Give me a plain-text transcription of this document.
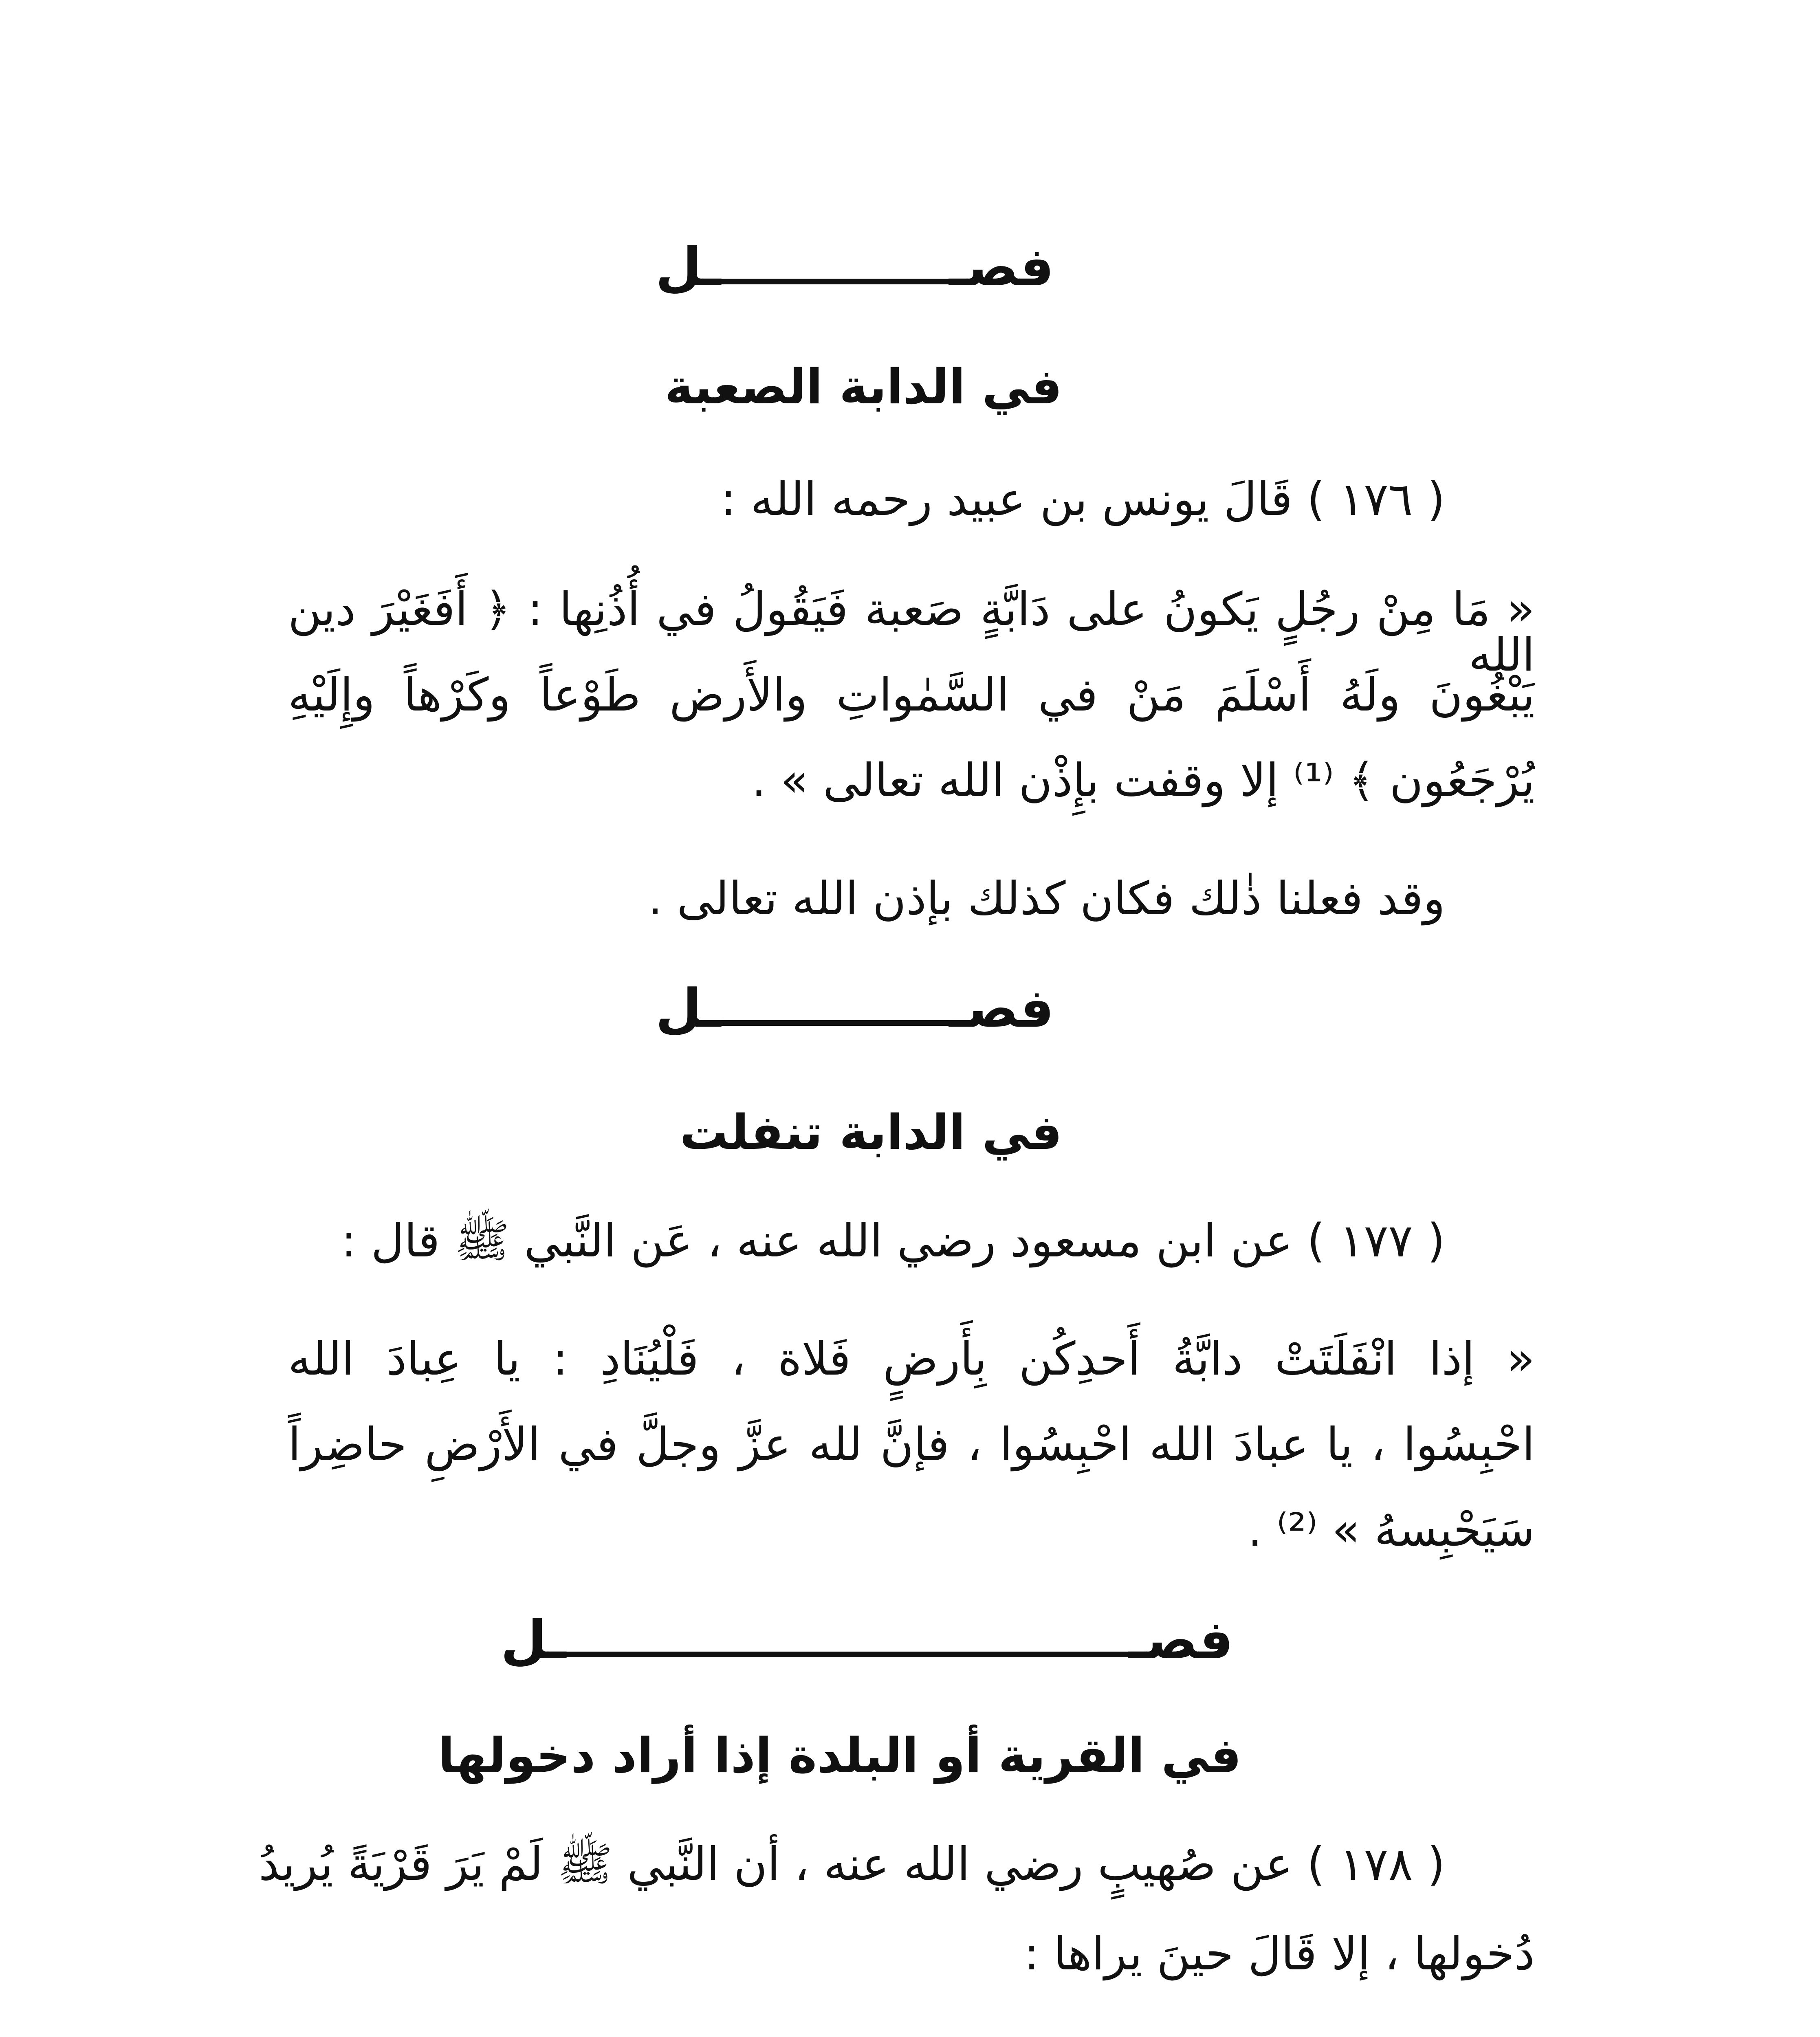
فصـ
ـل
في الدابة الصعبة
( ١٧٦ ) قَالَ يونس بن عبيد رحمه الله :
« مَا مِنْ رجُلٍ يَكونُ على دَابَّةٍ صَعبة فَيَقُولُ في أُذُنِها : ﴿ أَفَغَيْرَ دين الله
يَبْغُونَ ولَهُ أَسْلَمَ مَنْ في السَّمٰواتِ والأَرض طَوْعاً وكَرْهاً وإِلَيْهِ
يُرْجَعُون ﴾ ⁽¹⁾ إلا وقفت بإِذْن الله تعالى » .
وقد فعلنا ذٰلك فكان كذلك بإذن الله تعالى .
فصـ
ـل
في الدابة تنفلت
( ١٧٧ ) عن ابن مسعود رضي الله عنه ، عَن النَّبي ﷺ قال :
« إذا انْفَلَتَتْ دابَّةُ أَحدِكُن بِأَرضٍ فَلاة ، فَلْيُنَادِ : يا عِبادَ الله
احْبِسُوا ، يا عبادَ الله احْبِسُوا ، فإنَّ لله عزَّ وجلَّ في الأَرْضِ حاضِراً
سَيَحْبِسهُ » ⁽²⁾ .
فصـ
ـل
في القرية أو البلدة إذا أراد دخولها
( ١٧٨ ) عن صُهيبٍ رضي الله عنه ، أن النَّبي ﷺ لَمْ يَرَ قَرْيَةً يُريدُ
دُخولها ، إلا قَالَ حينَ يراها :
